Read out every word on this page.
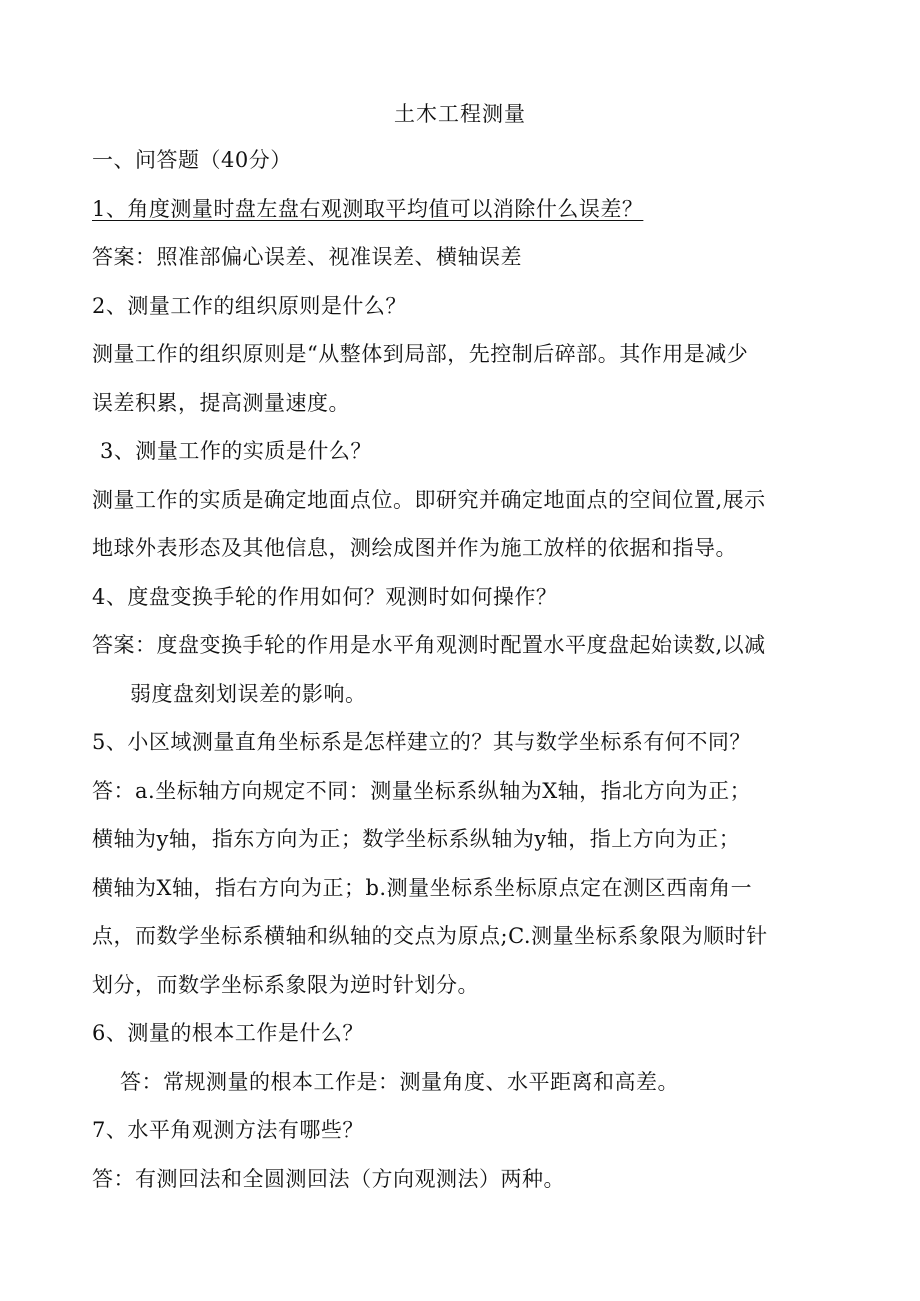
土木工程测量
一、问答题（40分）
1、角度测量时盘左盘右观测取平均值可以消除什么误差？
答案：照准部偏心误差、视准误差、横轴误差
2、测量工作的组织原则是什么？
测量工作的组织原则是“从整体到局部，先控制后碎部。其作用是减少
误差积累，提高测量速度。
3、测量工作的实质是什么？
测量工作的实质是确定地面点位。即研究并确定地面点的空间位置,展示
地球外表形态及其他信息，测绘成图并作为施工放样的依据和指导。
4、度盘变换手轮的作用如何？观测时如何操作？
答案：度盘变换手轮的作用是水平角观测时配置水平度盘起始读数,以减
弱度盘刻划误差的影响。
5、小区域测量直角坐标系是怎样建立的？其与数学坐标系有何不同？
答：a.坐标轴方向规定不同：测量坐标系纵轴为X轴，指北方向为正；
横轴为y轴，指东方向为正；数学坐标系纵轴为y轴，指上方向为正；
横轴为X轴，指右方向为正；b.测量坐标系坐标原点定在测区西南角一
点，而数学坐标系横轴和纵轴的交点为原点;C.测量坐标系象限为顺时针
划分，而数学坐标系象限为逆时针划分。
6、测量的根本工作是什么？
答：常规测量的根本工作是：测量角度、水平距离和高差。
7、水平角观测方法有哪些？
答：有测回法和全圆测回法（方向观测法）两种。
